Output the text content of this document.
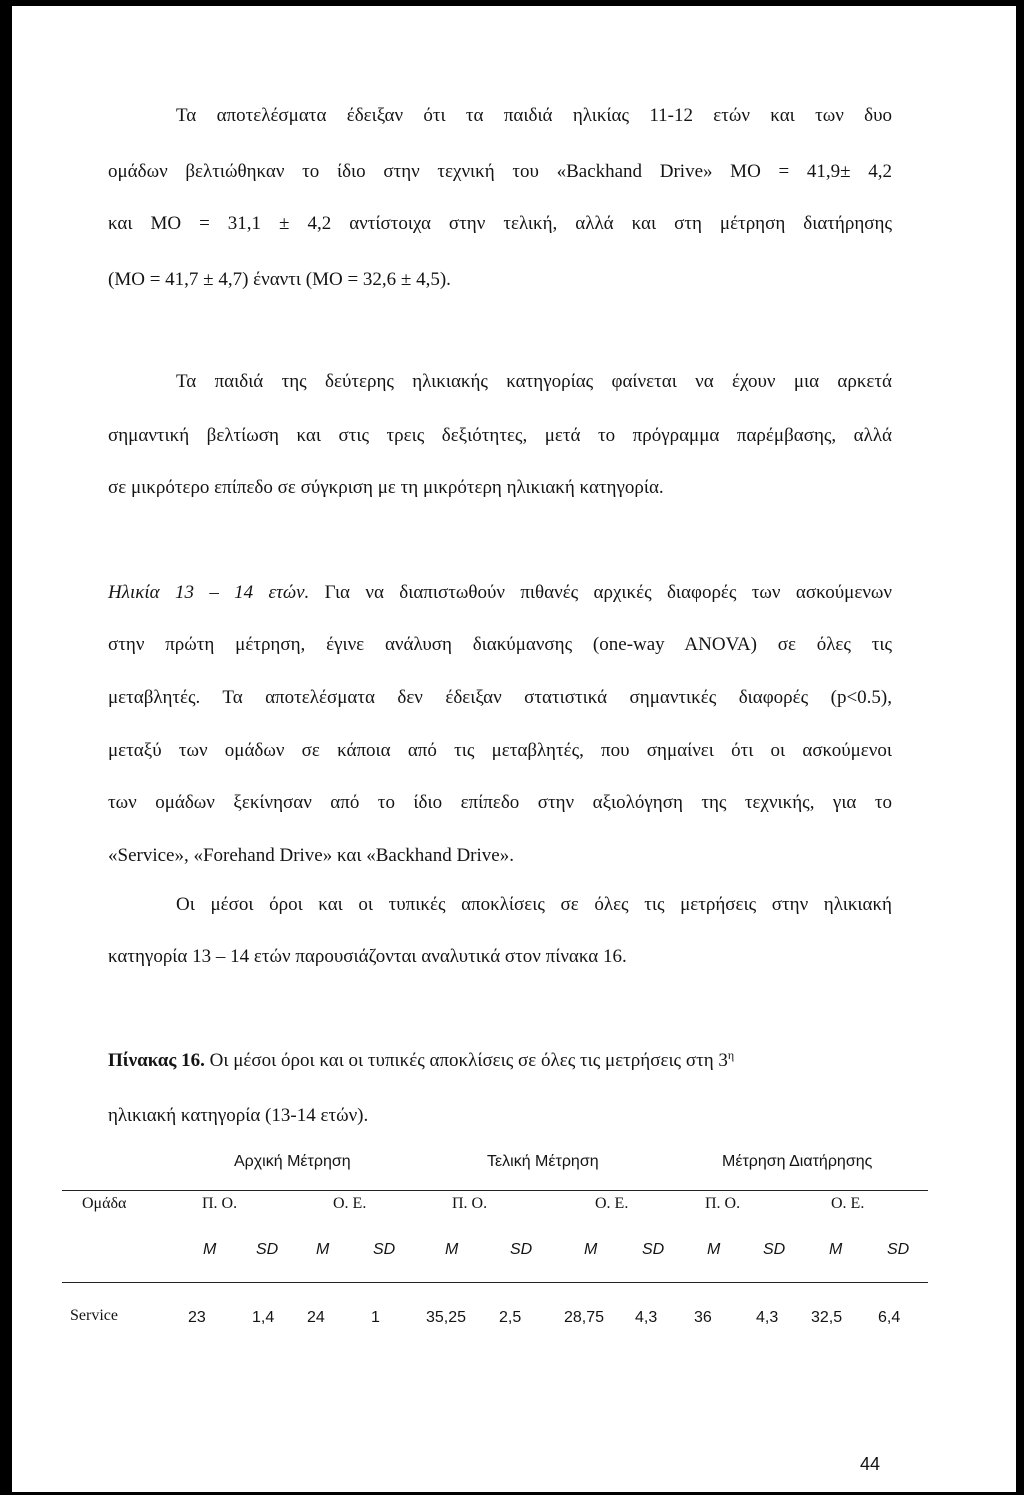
Τα αποτελέσματα έδειξαν ότι τα παιδιά ηλικίας 11-12 ετών και των δυο
ομάδων βελτιώθηκαν το ίδιο στην τεχνική του «Backhand Drive» ΜΟ = 41,9± 4,2
και ΜΟ = 31,1 ± 4,2 αντίστοιχα στην τελική, αλλά και στη μέτρηση διατήρησης
(ΜΟ = 41,7 ± 4,7) έναντι (ΜΟ = 32,6 ± 4,5).
Τα παιδιά της δεύτερης ηλικιακής κατηγορίας φαίνεται να έχουν μια αρκετά
σημαντική βελτίωση και στις τρεις δεξιότητες, μετά το πρόγραμμα παρέμβασης, αλλά
σε μικρότερο επίπεδο σε σύγκριση με τη μικρότερη ηλικιακή κατηγορία.
Ηλικία 13 – 14 ετών. Για να διαπιστωθούν πιθανές αρχικές διαφορές των ασκούμενων
στην πρώτη μέτρηση, έγινε ανάλυση διακύμανσης (one-way ANOVA) σε όλες τις
μεταβλητές. Τα αποτελέσματα δεν έδειξαν στατιστικά σημαντικές διαφορές (p<0.5),
μεταξύ των ομάδων σε κάποια από τις μεταβλητές, που σημαίνει ότι οι ασκούμενοι
των ομάδων ξεκίνησαν από το ίδιο επίπεδο στην αξιολόγηση της τεχνικής, για το
«Service», «Forehand Drive» και «Backhand Drive».
Οι μέσοι όροι και οι τυπικές αποκλίσεις σε όλες τις μετρήσεις στην ηλικιακή
κατηγορία 13 – 14 ετών παρουσιάζονται αναλυτικά στον πίνακα 16.
Πίνακας 16. Οι μέσοι όροι και οι τυπικές αποκλίσεις σε όλες τις μετρήσεις στη $3^\eta$
ηλικιακή κατηγορία (13-14 ετών).
Αρχική Μέτρηση	Τελική Μέτρηση	Μέτρηση Διατήρησης
Ομάδα	Π. Ο.	Ο. Ε.	Π. Ο.	Ο. Ε.	Π. Ο.	Ο. Ε.
M SD M	SD	M	SD	M	SD	M	SD	M	SD
Service	23	1,4 24	1	35,25 2,5	28,75 4,3 36	4,3 32,5 6,4
44
